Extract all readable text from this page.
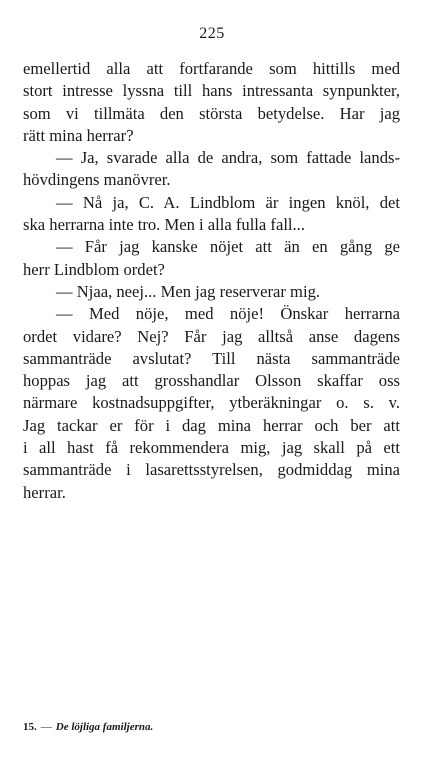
225
emellertid alla att fortfarande som hittills med
stort intresse lyssna till hans intressanta synpunkter,
som vi tillmäta den största betydelse. Har jag
rätt mina herrar?
— Ja, svarade alla de andra, som fattade lands-
hövdingens manövrer.
— Nå ja, C. A. Lindblom är ingen knöl, det
ska herrarna inte tro. Men i alla fulla fall...
— Får jag kanske nöjet att än en gång ge
herr Lindblom ordet?
— Njaa, neej... Men jag reserverar mig.
— Med nöje, med nöje! Önskar herrarna
ordet vidare? Nej? Får jag alltså anse dagens
sammanträde avslutat? Till nästa sammanträde
hoppas jag att grosshandlar Olsson skaffar oss
närmare kostnadsuppgifter, ytberäkningar o. s. v.
Jag tackar er för i dag mina herrar och ber att
i all hast få rekommendera mig, jag skall på ett
sammanträde i lasarettsstyrelsen, godmiddag mina
herrar.
15. — De löjliga familjerna.
